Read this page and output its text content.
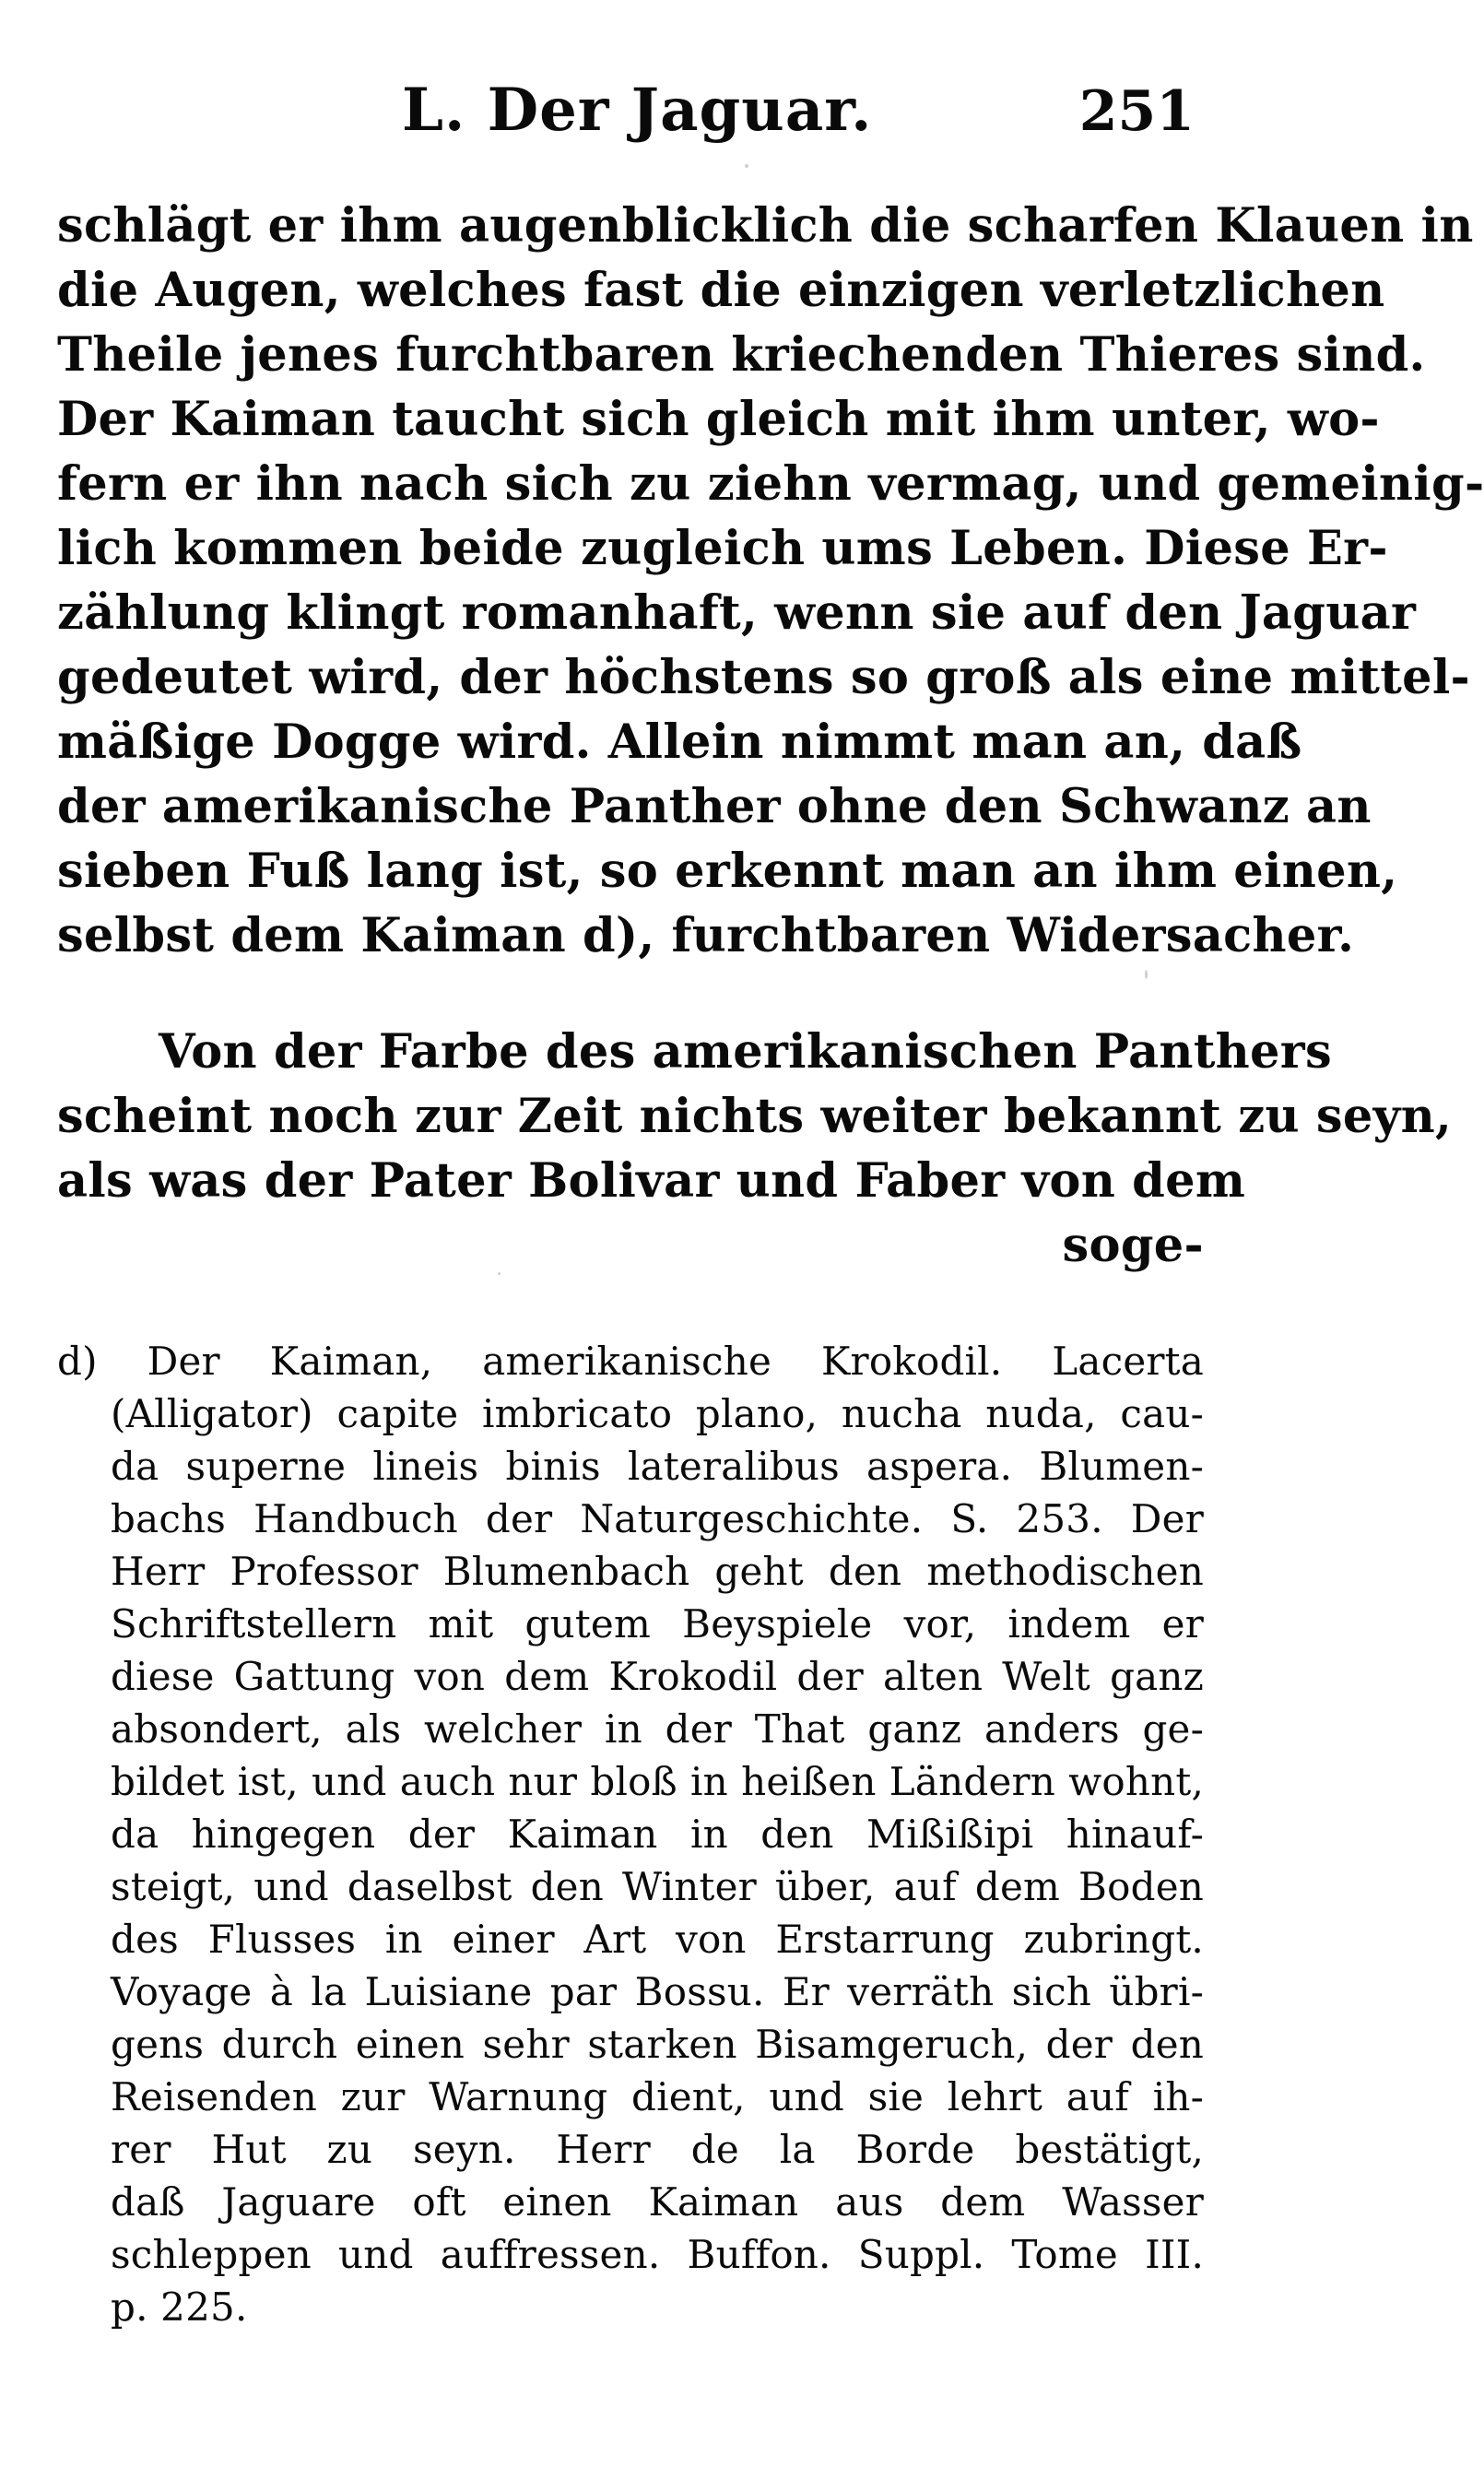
L. Der Jaguar.	251
schlägt er ihm augenblicklich die scharfen Klauen in
die Augen, welches fast die einzigen verletzlichen
Theile jenes furchtbaren kriechenden Thieres sind.
Der Kaiman taucht sich gleich mit ihm unter, wo-
fern er ihn nach sich zu ziehn vermag, und gemeinig-
lich kommen beide zugleich ums Leben. Diese Er-
zählung klingt romanhaft, wenn sie auf den Jaguar
gedeutet wird, der höchstens so groß als eine mittel-
mäßige Dogge wird. Allein nimmt man an, daß
der amerikanische Panther ohne den Schwanz an
sieben Fuß lang ist, so erkennt man an ihm einen,
selbst dem Kaiman d), furchtbaren Widersacher.
Von der Farbe des amerikanischen Panthers
scheint noch zur Zeit nichts weiter bekannt zu seyn,
als was der Pater Bolivar und Faber von dem
soge-
d) Der Kaiman, amerikanische Krokodil. Lacerta
(Alligator) capite imbricato plano, nucha nuda, cau-
da superne lineis binis lateralibus aspera. Blumen-
bachs Handbuch der Naturgeschichte. S. 253. Der
Herr Professor Blumenbach geht den methodischen
Schriftstellern mit gutem Beyspiele vor, indem er
diese Gattung von dem Krokodil der alten Welt ganz
absondert, als welcher in der That ganz anders ge-
bildet ist, und auch nur bloß in heißen Ländern wohnt,
da hingegen der Kaiman in den Mißißipi hinauf-
steigt, und daselbst den Winter über, auf dem Boden
des Flusses in einer Art von Erstarrung zubringt.
Voyage à la Luisiane par Bossu. Er verräth sich übri-
gens durch einen sehr starken Bisamgeruch, der den
Reisenden zur Warnung dient, und sie lehrt auf ih-
rer Hut zu seyn. Herr de la Borde bestätigt,
daß Jaguare oft einen Kaiman aus dem Wasser
schleppen und auffressen. Buffon. Suppl. Tome III.
p. 225.
